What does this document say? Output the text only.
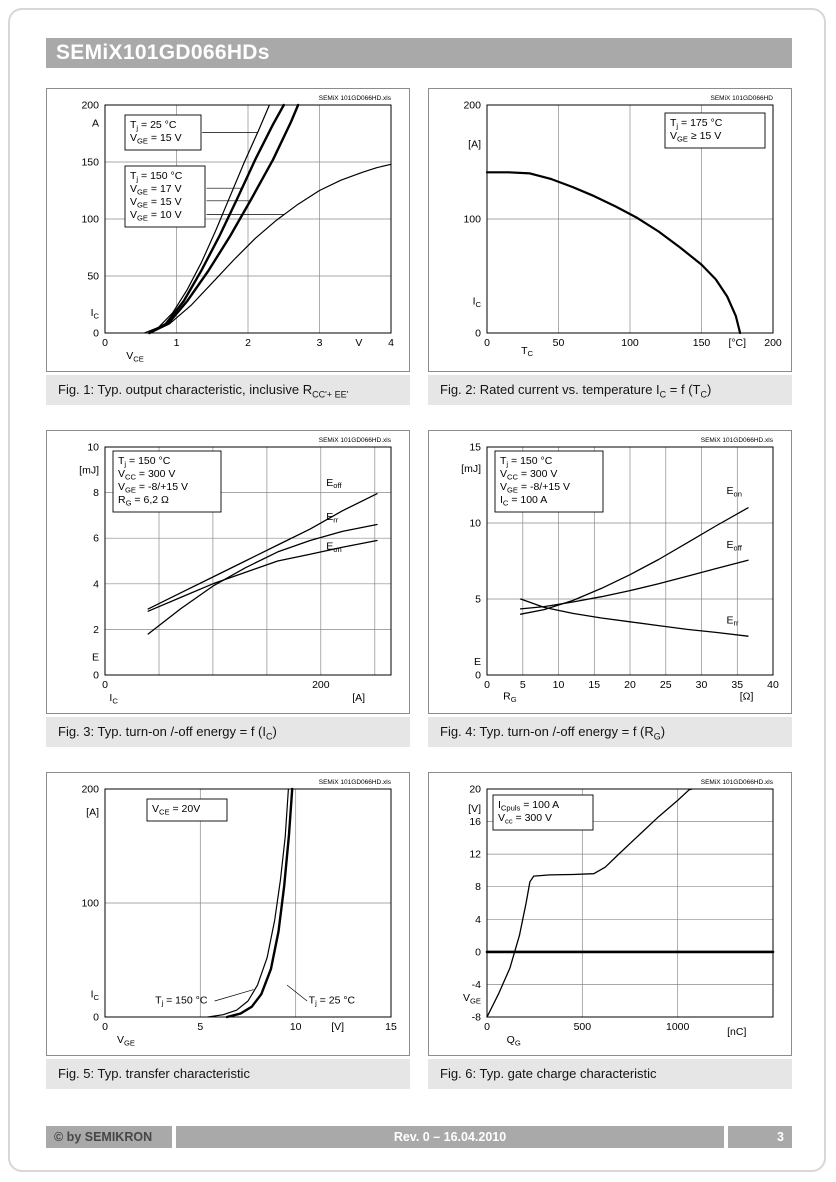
SEMiX101GD066HDs
0	1	2	3	4
$V_{CE}$
V
0
50
100
150
200
A
$I_C$
$T_j = 25$ °C
$V_{GE} = 15$ V
$T_j = 150$ °C
$V_{GE} = 17$ V
$V_{GE} = 15$ V
$V_{GE} = 10$ V
SEMiX 101GD066HD.xls
Fig. 1: Typ. output characteristic, inclusive $R_{CC'+ EE'}$
0	50	100	150	200
$T_C$
[°C]
0
100
200
[A]
$I_C$
$T_j = 175$ °C
$V_{GE} \ge 15$ V
SEMiX 101GD066HD
Fig. 2: Rated current vs. temperature $I_C = f$ $(T_C)$
0	200
$I_C$	[A]
0
2
4
6
8
10
[mJ]
E
$E_{off}$
$E_{rr}$
$E_{on}$
$T_j = 150$ °C
$V_{CC} = 300$ V
$V_{GE} = -8/+15$ V
$R_G = 6,2$ Ω
SEMiX 101GD066HD.xls
Fig. 3: Typ. turn-on /-off energy = f $(I_C)$
0	5	10 15 20 25 30 35 40
$R_G$	[Ω]
0
5
10
15
[mJ]
E
$E_{on}$
$E_{off}$
$E_{rr}$
$T_j = 150$ °C
$V_{CC} = 300$ V
$V_{GE} = -8/+15$ V
$I_C = 100$ A
SEMiX 101GD066HD.xls
Fig. 4: Typ. turn-on /-off energy = f $(R_G)$
0	5	10	15
$V_{GE}$
[V]
0
100
200
[A]
$I_C$	$T_j = 150$ °C	$T_j = 25$ °C
$V_{CE} = 20V$
SEMiX 101GD066HD.xls
Fig. 5: Typ. transfer characteristic
0	500	1000
$Q_G$
[nC]
-8
-4
0
4
8
12
16
20
[V]
$V_{GE}$
$I_{Cpuls} = 100$ A
$V_{cc} = 300$ V
SEMiX 101GD066HD.xls
Fig. 6: Typ. gate charge characteristic
© by SEMIKRON	Rev. 0 – 16.04.2010	3
